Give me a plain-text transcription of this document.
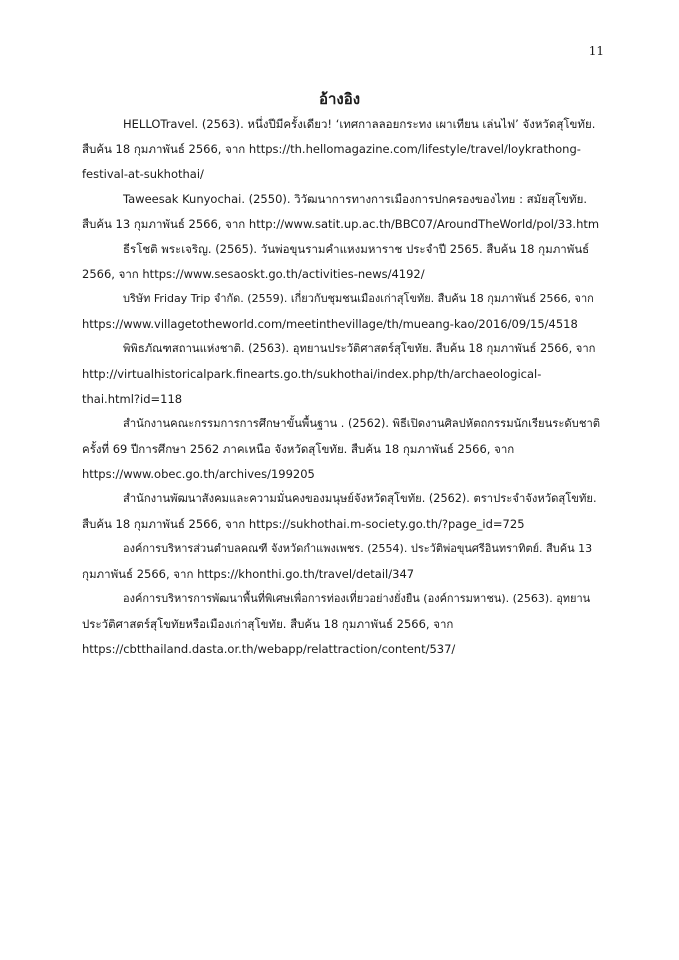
11
อ้างอิง
HELLOTravel. (2563). หนึ่งปีมีครั้งเดียว! ‘เทศกาลลอยกระทง เผาเทียน เล่นไฟ’ จังหวัดสุโขทัย.
สืบค้น 18 กุมภาพันธ์ 2566, จาก https://th.hellomagazine.com/lifestyle/travel/loykrathong-
festival-at-sukhothai/
Taweesak Kunyochai. (2550). วิวัฒนาการทางการเมืองการปกครองของไทย : สมัยสุโขทัย.
สืบค้น 13 กุมภาพันธ์ 2566, จาก http://www.satit.up.ac.th/BBC07/AroundTheWorld/pol/33.htm
ธีรโชติ พระเจริญ. (2565). วันพ่อขุนรามคำแหงมหาราช ประจำปี 2565. สืบค้น 18 กุมภาพันธ์
2566, จาก https://www.sesaoskt.go.th/activities-news/4192/
บริษัท Friday Trip จำกัด. (2559). เกี่ยวกับชุมชนเมืองเก่าสุโขทัย. สืบค้น 18 กุมภาพันธ์ 2566, จาก
https://www.villagetotheworld.com/meetinthevillage/th/mueang-kao/2016/09/15/4518
พิพิธภัณฑสถานแห่งชาติ. (2563). อุทยานประวัติศาสตร์สุโขทัย. สืบค้น 18 กุมภาพันธ์ 2566, จาก
http://virtualhistoricalpark.finearts.go.th/sukhothai/index.php/th/archaeological-
thai.html?id=118
สำนักงานคณะกรรมการการศึกษาขั้นพื้นฐาน . (2562). พิธีเปิดงานศิลปหัตถกรรมนักเรียนระดับชาติ
ครั้งที่ 69 ปีการศึกษา 2562 ภาคเหนือ จังหวัดสุโขทัย. สืบค้น 18 กุมภาพันธ์ 2566, จาก
https://www.obec.go.th/archives/199205
สำนักงานพัฒนาสังคมและความมั่นคงของมนุษย์จังหวัดสุโขทัย. (2562). ตราประจำจังหวัดสุโขทัย.
สืบค้น 18 กุมภาพันธ์ 2566, จาก https://sukhothai.m-society.go.th/?page_id=725
องค์การบริหารส่วนตำบลคณฑี จังหวัดกำแพงเพชร. (2554). ประวัติพ่อขุนศรีอินทราทิตย์. สืบค้น 13
กุมภาพันธ์ 2566, จาก https://khonthi.go.th/travel/detail/347
องค์การบริหารการพัฒนาพื้นที่พิเศษเพื่อการท่องเที่ยวอย่างยั่งยืน (องค์การมหาชน). (2563). อุทยาน
ประวัติศาสตร์สุโขทัยหรือเมืองเก่าสุโขทัย. สืบค้น 18 กุมภาพันธ์ 2566, จาก
https://cbtthailand.dasta.or.th/webapp/relattraction/content/537/
